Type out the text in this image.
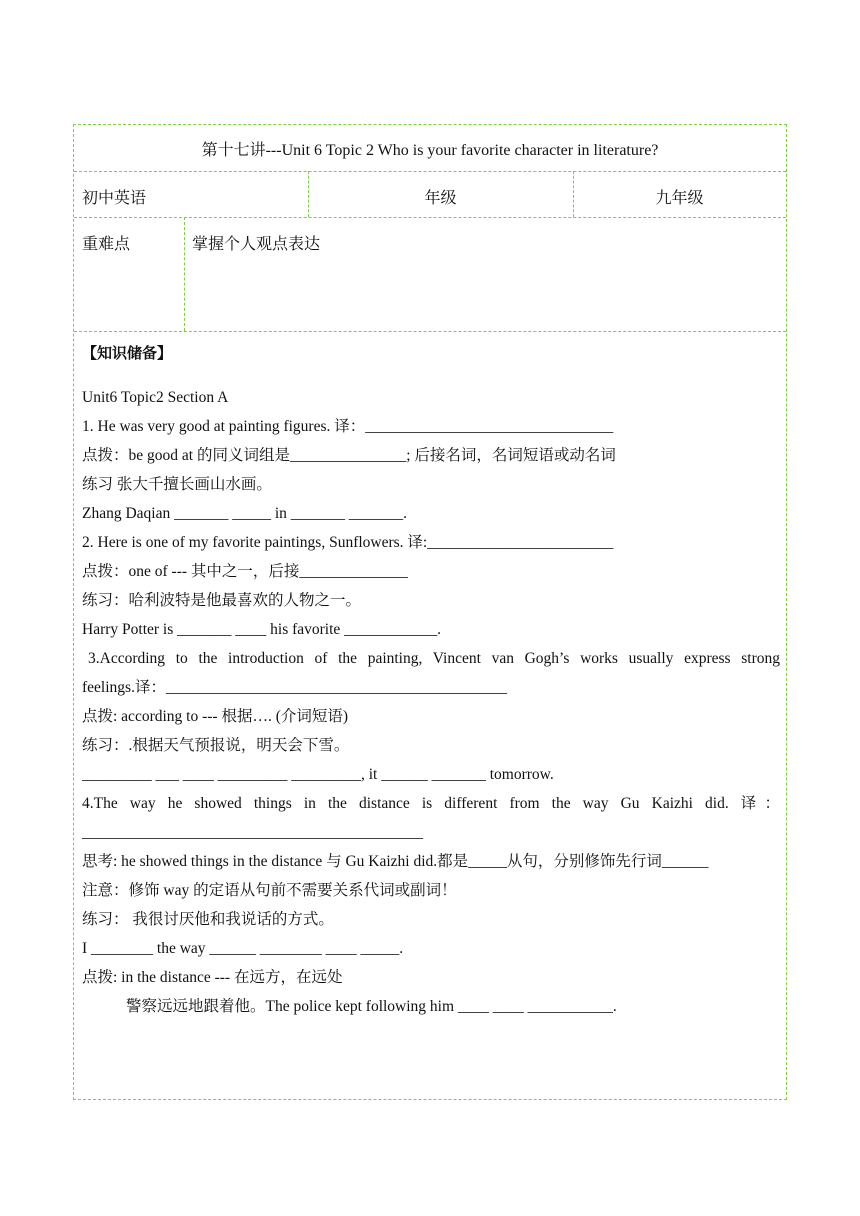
第十七讲---Unit 6 Topic 2 Who is your favorite character in literature?
初中英语	年级	九年级
重难点	掌握个人观点表达
【知识储备】
Unit6 Topic2 Section A
1. He was very good at painting figures. 译：________________________________
点拨：be good at 的同义词组是_______________; 后接名词，名词短语或动名词
练习 张大千擅长画山水画。
Zhang Daqian _______ _____ in _______ _______.
2. Here is one of my favorite paintings, Sunflowers. 译:________________________
点拨：one of --- 其中之一，后接______________
练习：哈利波特是他最喜欢的人物之一。
Harry Potter is _______ ____ his favorite ____________.
3.According to the introduction of the painting, Vincent van Gogh’s works usually express strong
feelings.译：____________________________________________
点拨: according to --- 根据…. (介词短语)
练习：.根据天气预报说，明天会下雪。
_________ ___ ____ _________ _________, it ______ _______ tomorrow.
4.The way he showed things in the distance is different from the way Gu Kaizhi did. 译：
____________________________________________
思考: he showed things in the distance 与 Gu Kaizhi did.都是_____从句，分别修饰先行词______
注意：修饰 way 的定语从句前不需要关系代词或副词！
练习： 我很讨厌他和我说话的方式。
I ________ the way ______ ________ ____ _____.
点拨: in the distance --- 在远方，在远处
警察远远地跟着他。The police kept following him ____ ____ ___________.
